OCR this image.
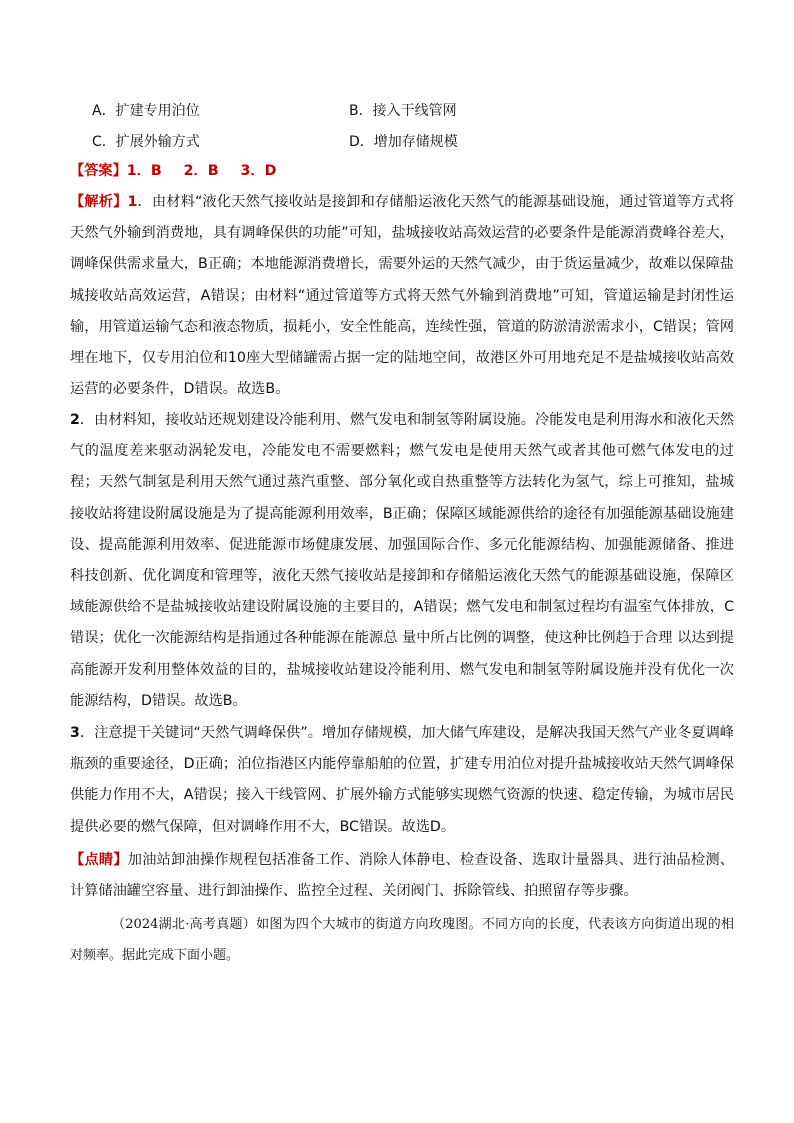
A．扩建专用泊位	B．接入干线管网
C．扩展外输方式	D．增加存储规模
【答案】1．B 2．B 3．D
【解析】1．由材料“液化天然气接收站是接卸和存储船运液化天然气的能源基础设施，通过管道等方式将天然气外输到消费地，具有调峰保供的功能”可知，盐城接收站高效运营的必要条件是能源消费峰谷差大，调峰保供需求量大，B正确；本地能源消费增长，需要外运的天然气减少，由于货运量减少，故难以保障盐城接收站高效运营，A错误；由材料“通过管道等方式将天然气外输到消费地”可知，管道运输是封闭性运输，用管道运输气态和液态物质，损耗小，安全性能高，连续性强，管道的防淤清淤需求小，C错误；管网埋在地下，仅专用泊位和10座大型储罐需占据一定的陆地空间，故港区外可用地充足不是盐城接收站高效运营的必要条件，D错误。故选B。
2．由材料知，接收站还规划建设冷能利用、燃气发电和制氢等附属设施。冷能发电是利用海水和液化天然气的温度差来驱动涡轮发电，冷能发电不需要燃料；燃气发电是使用天然气或者其他可燃气体发电的过程；天然气制氢是利用天然气通过蒸汽重整、部分氧化或自热重整等方法转化为氢气，综上可推知，盐城接收站将建设附属设施是为了提高能源利用效率，B正确；保障区域能源供给的途径有加强能源基础设施建设、提高能源利用效率、促进能源市场健康发展、加强国际合作、多元化能源结构、加强能源储备、推进科技创新、优化调度和管理等，液化天然气接收站是接卸和存储船运液化天然气的能源基础设施，保障区域能源供给不是盐城接收站建设附属设施的主要目的，A错误；燃气发电和制氢过程均有温室气体排放，C错误；优化一次能源结构是指通过各种能源在能源总 量中所占比例的调整，使这种比例趋于合理 以达到提高能源开发利用整体效益的目的，盐城接收站建设冷能利用、燃气发电和制氢等附属设施并没有优化一次能源结构，D错误。故选B。
3．注意提干关键词“天然气调峰保供”。增加存储规模，加大储气库建设，是解决我国天然气产业冬夏调峰瓶颈的重要途径，D正确；泊位指港区内能停靠船舶的位置，扩建专用泊位对提升盐城接收站天然气调峰保供能力作用不大，A错误；接入干线管网、扩展外输方式能够实现燃气资源的快速、稳定传输，为城市居民提供必要的燃气保障，但对调峰作用不大，BC错误。故选D。
【点睛】加油站卸油操作规程包括准备工作、消除人体静电、检查设备、选取计量器具、进行油品检测、计算储油罐空容量、进行卸油操作、监控全过程、关闭阀门、拆除管线、拍照留存等步骤。
（2024湖北·高考真题）如图为四个大城市的街道方向玫瑰图。不同方向的长度，代表该方向街道出现的相对频率。据此完成下面小题。
